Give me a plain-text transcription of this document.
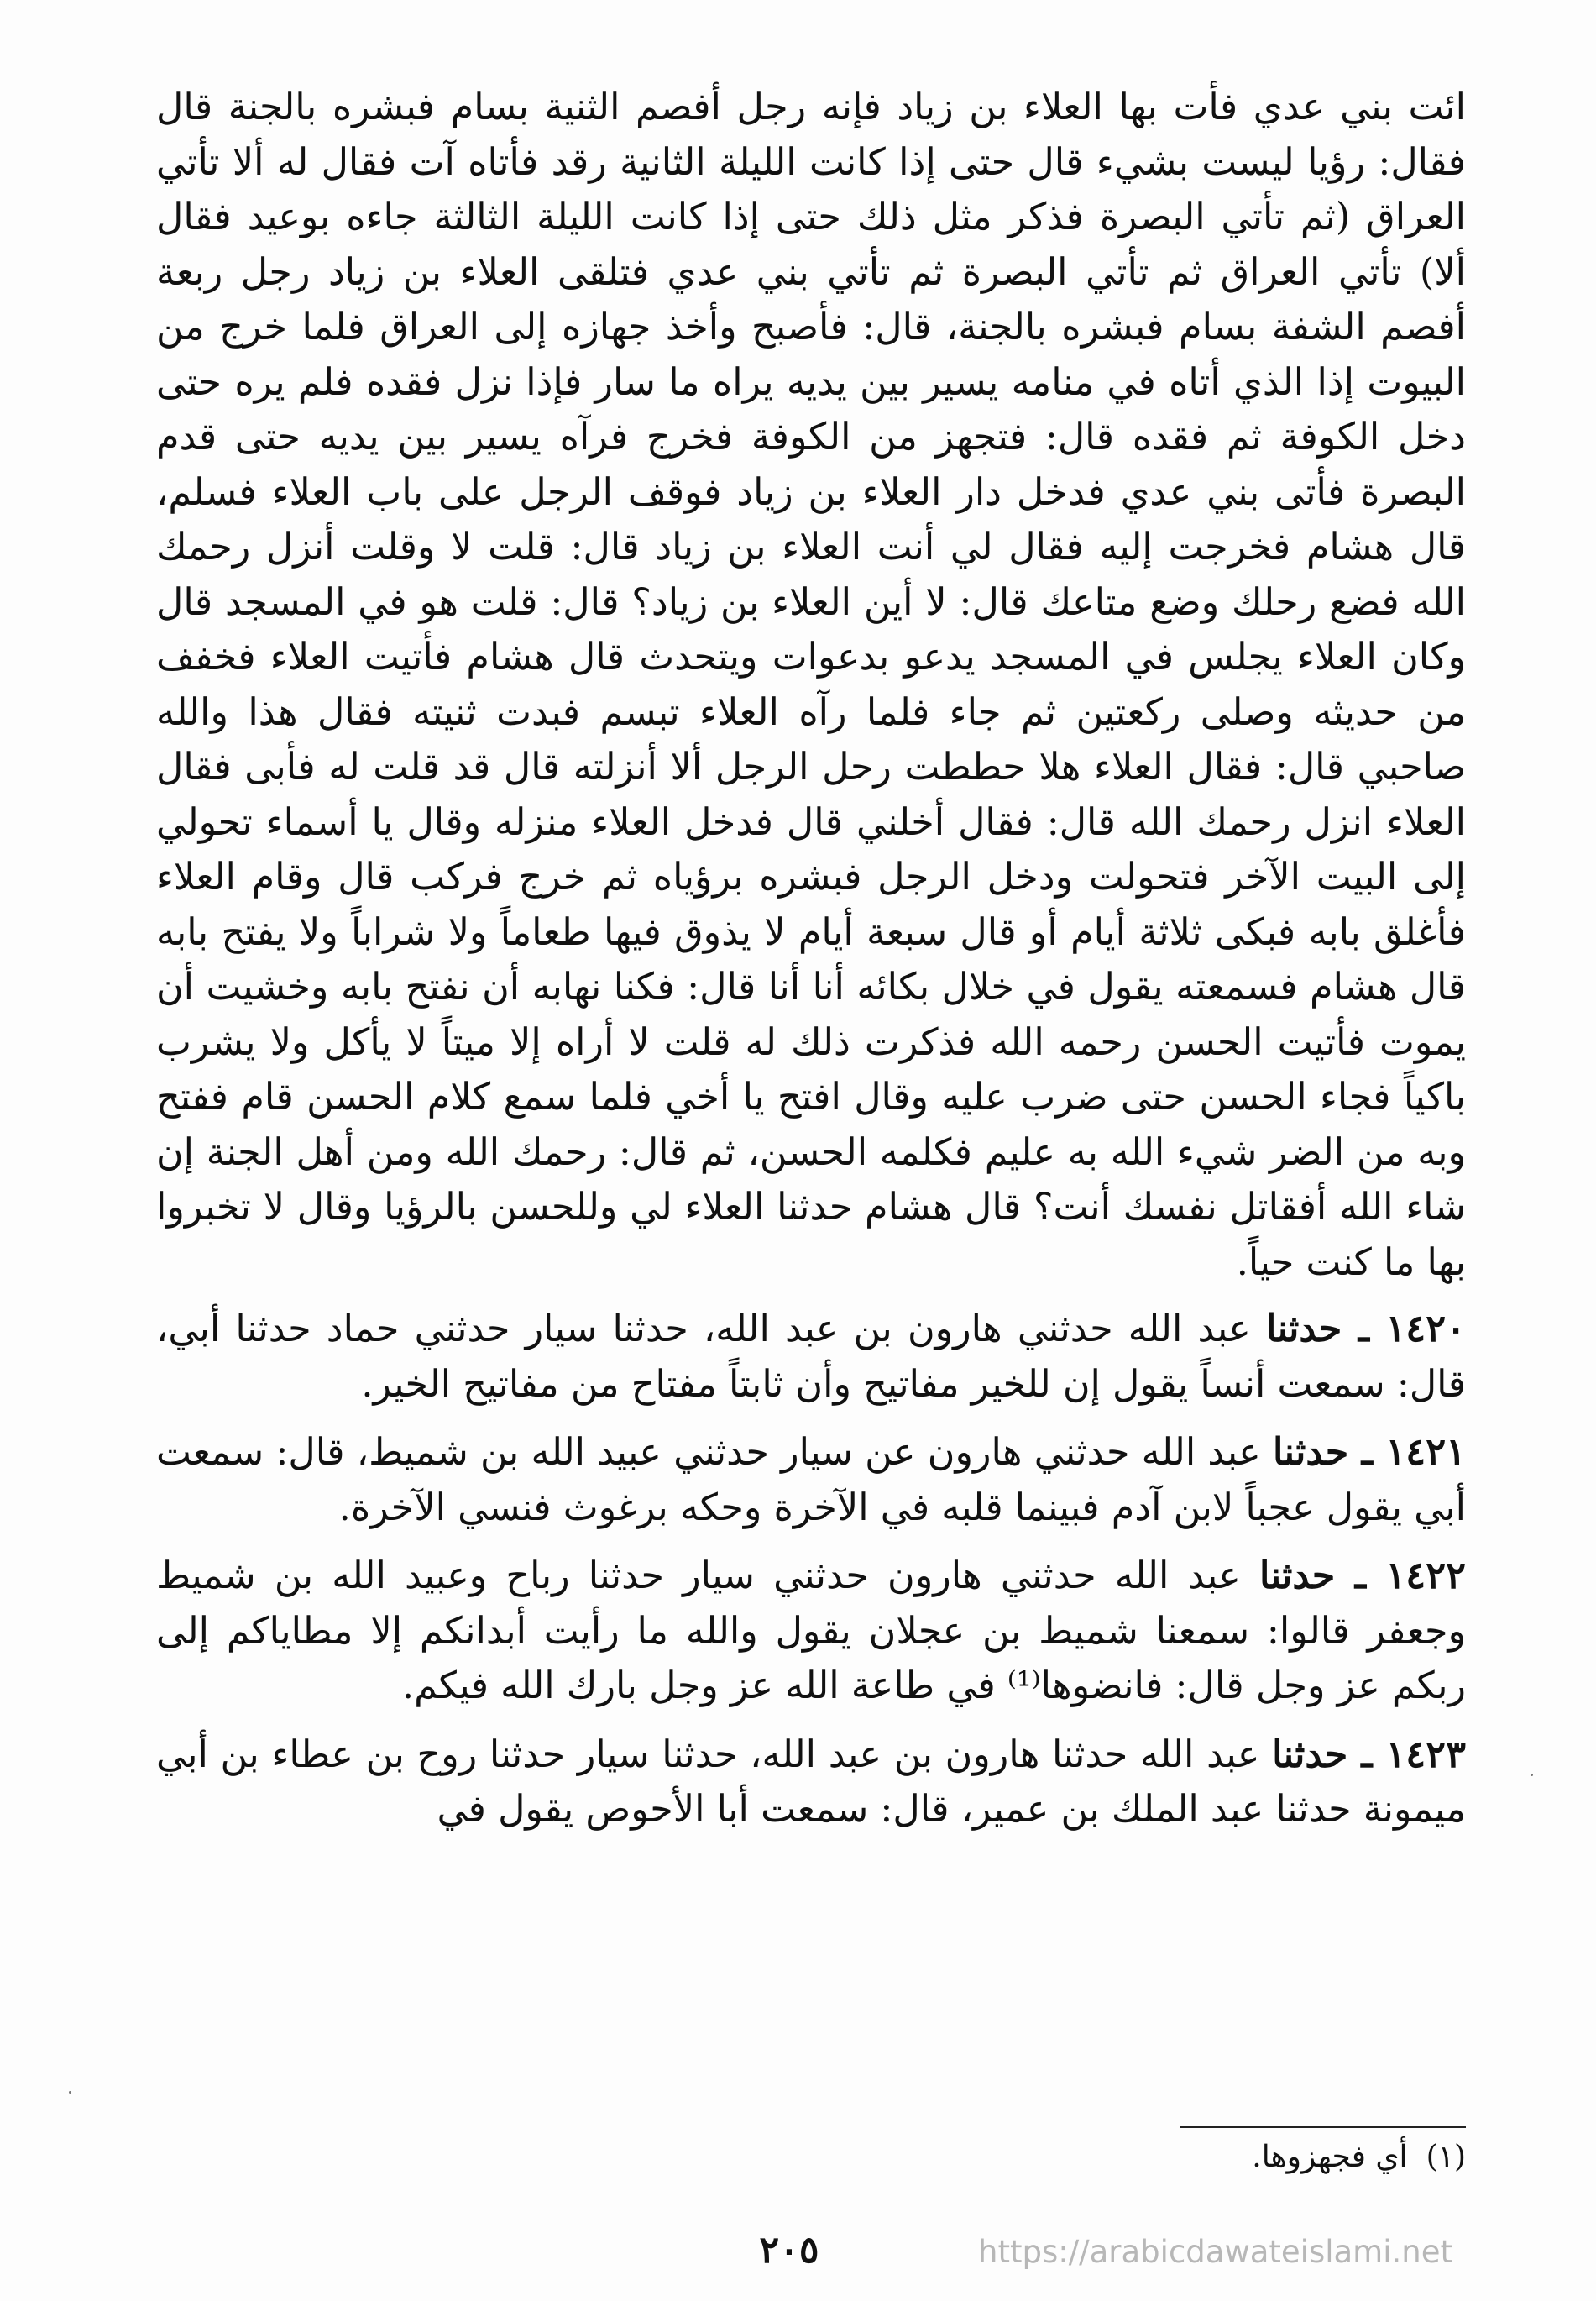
ائت بني عدي فأت بها العلاء بن زياد فإنه رجل أفصم الثنية بسام فبشره بالجنة قال فقال: رؤيا ليست بشيء قال حتى إذا كانت الليلة الثانية رقد فأتاه آت فقال له ألا تأتي العراق (ثم تأتي البصرة فذكر مثل ذلك حتى إذا كانت الليلة الثالثة جاءه بوعيد فقال ألا) تأتي العراق ثم تأتي البصرة ثم تأتي بني عدي فتلقى العلاء بن زياد رجل ربعة أفصم الشفة بسام فبشره بالجنة، قال: فأصبح وأخذ جهازه إلى العراق فلما خرج من البيوت إذا الذي أتاه في منامه يسير بين يديه يراه ما سار فإذا نزل فقده فلم يره حتى دخل الكوفة ثم فقده قال: فتجهز من الكوفة فخرج فرآه يسير بين يديه حتى قدم البصرة فأتى بني عدي فدخل دار العلاء بن زياد فوقف الرجل على باب العلاء فسلم، قال هشام فخرجت إليه فقال لي أنت العلاء بن زياد قال: قلت لا وقلت أنزل رحمك الله فضع رحلك وضع متاعك قال: لا أين العلاء بن زياد؟ قال: قلت هو في المسجد قال وكان العلاء يجلس في المسجد يدعو بدعوات ويتحدث قال هشام فأتيت العلاء فخفف من حديثه وصلى ركعتين ثم جاء فلما رآه العلاء تبسم فبدت ثنيته فقال هذا والله صاحبي قال: فقال العلاء هلا حططت رحل الرجل ألا أنزلته قال قد قلت له فأبى فقال العلاء انزل رحمك الله قال: فقال أخلني قال فدخل العلاء منزله وقال يا أسماء تحولي إلى البيت الآخر فتحولت ودخل الرجل فبشره برؤياه ثم خرج فركب قال وقام العلاء فأغلق بابه فبكى ثلاثة أيام أو قال سبعة أيام لا يذوق فيها طعاماً ولا شراباً ولا يفتح بابه قال هشام فسمعته يقول في خلال بكائه أنا أنا قال: فكنا نهابه أن نفتح بابه وخشيت أن يموت فأتيت الحسن رحمه الله فذكرت ذلك له قلت لا أراه إلا ميتاً لا يأكل ولا يشرب باكياً فجاء الحسن حتى ضرب عليه وقال افتح يا أخي فلما سمع كلام الحسن قام ففتح وبه من الضر شيء الله به عليم فكلمه الحسن، ثم قال: رحمك الله ومن أهل الجنة إن شاء الله أفقاتل نفسك أنت؟ قال هشام حدثنا العلاء لي وللحسن بالرؤيا وقال لا تخبروا بها ما كنت حياً.

١٤٢٠ ـ حدثنا عبد الله حدثني هارون بن عبد الله، حدثنا سيار حدثني حماد حدثنا أبي، قال: سمعت أنساً يقول إن للخير مفاتيح وأن ثابتاً مفتاح من مفاتيح الخير.

١٤٢١ ـ حدثنا عبد الله حدثني هارون عن سيار حدثني عبيد الله بن شميط، قال: سمعت أبي يقول عجباً لابن آدم فبينما قلبه في الآخرة وحكه برغوث فنسي الآخرة.

١٤٢٢ ـ حدثنا عبد الله حدثني هارون حدثني سيار حدثنا رباح وعبيد الله بن شميط وجعفر قالوا: سمعنا شميط بن عجلان يقول والله ما رأيت أبدانكم إلا مطاياكم إلى ربكم عز وجل قال: فانضوها⁽¹⁾ في طاعة الله عز وجل بارك الله فيكم.

١٤٢٣ ـ حدثنا عبد الله حدثنا هارون بن عبد الله، حدثنا سيار حدثنا روح بن عطاء بن أبي ميمونة حدثنا عبد الملك بن عمير، قال: سمعت أبا الأحوص يقول في

(١)أي فجهزوها.
٢٠٥	https://arabicdawateislami.net
